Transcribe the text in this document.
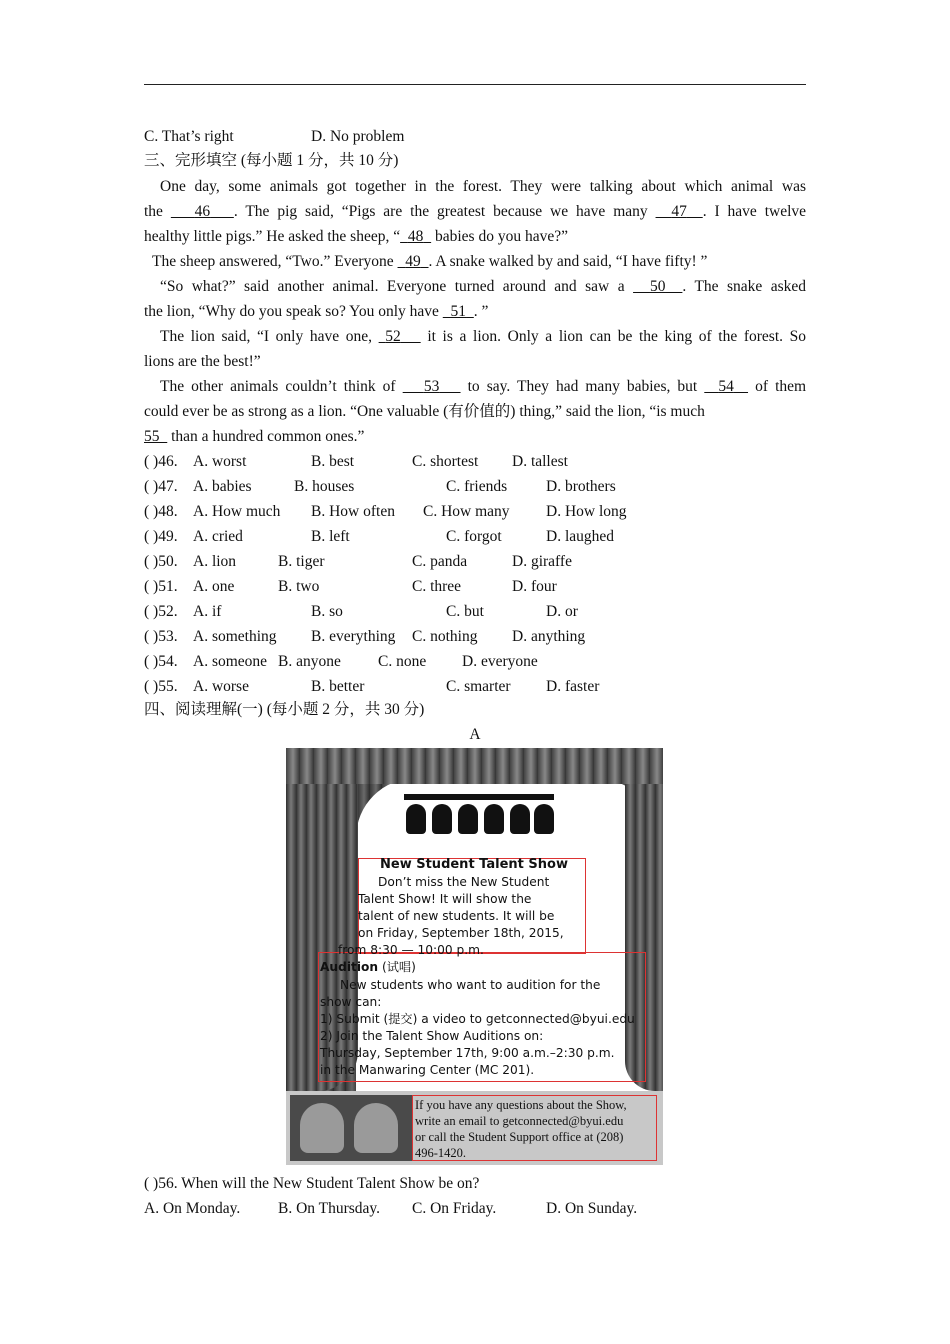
C. That’s right	D. No problem
三、完形填空 (每小题 1 分，共 10 分)
One day, some animals got together in the forest. They were talking about which animal was
the 46 . The pig said, “Pigs are the greatest because we have many 47 . I have twelve
healthy little pigs.” He asked the sheep, “ 48 babies do you have?”
The sheep answered, “Two.” Everyone 49 . A snake walked by and said, “I have fifty! ”
“So what?” said another animal. Everyone turned around and saw a 50 . The snake asked
the lion, “Why do you speak so? You only have 51 . ”
The lion said, “I only have one, 52 it is a lion. Only a lion can be the king of the forest. So
lions are the best!”
The other animals couldn’t think of 53 to say. They had many babies, but 54 of them
could ever be as strong as a lion. “One valuable (有价值的) thing,” said the lion, “is much
55 than a hundred common ones.”
( )46. A. worst	B. best	C. shortest D. tallest
( )47. A. babies	B. houses	C. friends	D. brothers
( )48. A. How much B. How often C. How many D. How long
( )49. A. cried	B. left	C. forgot	D. laughed
( )50. A. lion	B. tiger	C. panda	D. giraffe
( )51. A. one	B. two	C. three	D. four
( )52. A. if	B. so	C. but	D. or
( )53. A. something B. everything C. nothing D. anything
( )54. A. someone B. anyone C. none D. everyone
( )55. A. worse	B. better	C. smarter D. faster
四、阅读理解(一) (每小题 2 分，共 30 分)
A
New Student Talent Show
Don’t miss the New Student
Talent Show! It will show the
talent of new students. It will be
on Friday, September 18th, 2015,
from 8:30 — 10:00 p.m.
Audition (试唱)
New students who want to audition for the
show can:
1) Submit (提交) a video to getconnected@byui.edu
2) Join the Talent Show Auditions on:
Thursday, September 17th, 9:00 a.m.–2:30 p.m.
in the Manwaring Center (MC 201).
If you have any questions about the Show,
write an email to getconnected@byui.edu
or call the Student Support office at (208)
496-1420.
( )56. When will the New Student Talent Show be on?
A. On Monday. B. On Thursday. C. On Friday.	D. On Sunday.
